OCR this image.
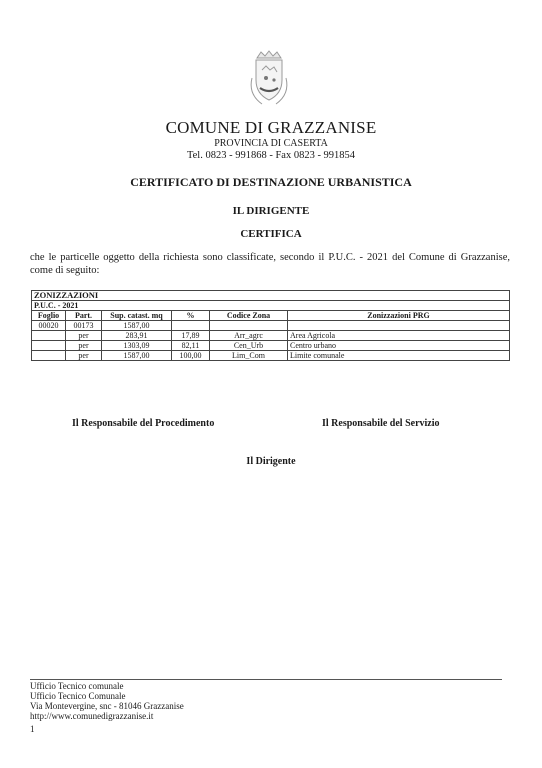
COMUNE DI GRAZZANISE
PROVINCIA DI CASERTA
Tel. 0823 - 991868 - Fax 0823 - 991854
CERTIFICATO DI DESTINAZIONE URBANISTICA
IL DIRIGENTE
CERTIFICA
che le particelle oggetto della richiesta sono classificate, secondo il P.U.C. - 2021 del Comune di Grazzanise, come di seguito:
ZONIZZAZIONI					
P.U.C. - 2021					
Foglio	Part.	Sup. catast. mq	%	Codice Zona	Zonizzazioni PRG
00020	00173	1587,00			
	per	283,91	17,89	Arr_agrc	Area Agricola
	per	1303,09	82,11	Cen_Urb	Centro urbano
	per	1587,00	100,00	Lim_Com	Limite comunale
Il Responsabile del Procedimento	Il Responsabile del Servizio
Il Dirigente
Ufficio Tecnico comunale
Ufficio Tecnico Comunale
Via Montevergine, snc - 81046 Grazzanise
http://www.comunedigrazzanise.it
1
